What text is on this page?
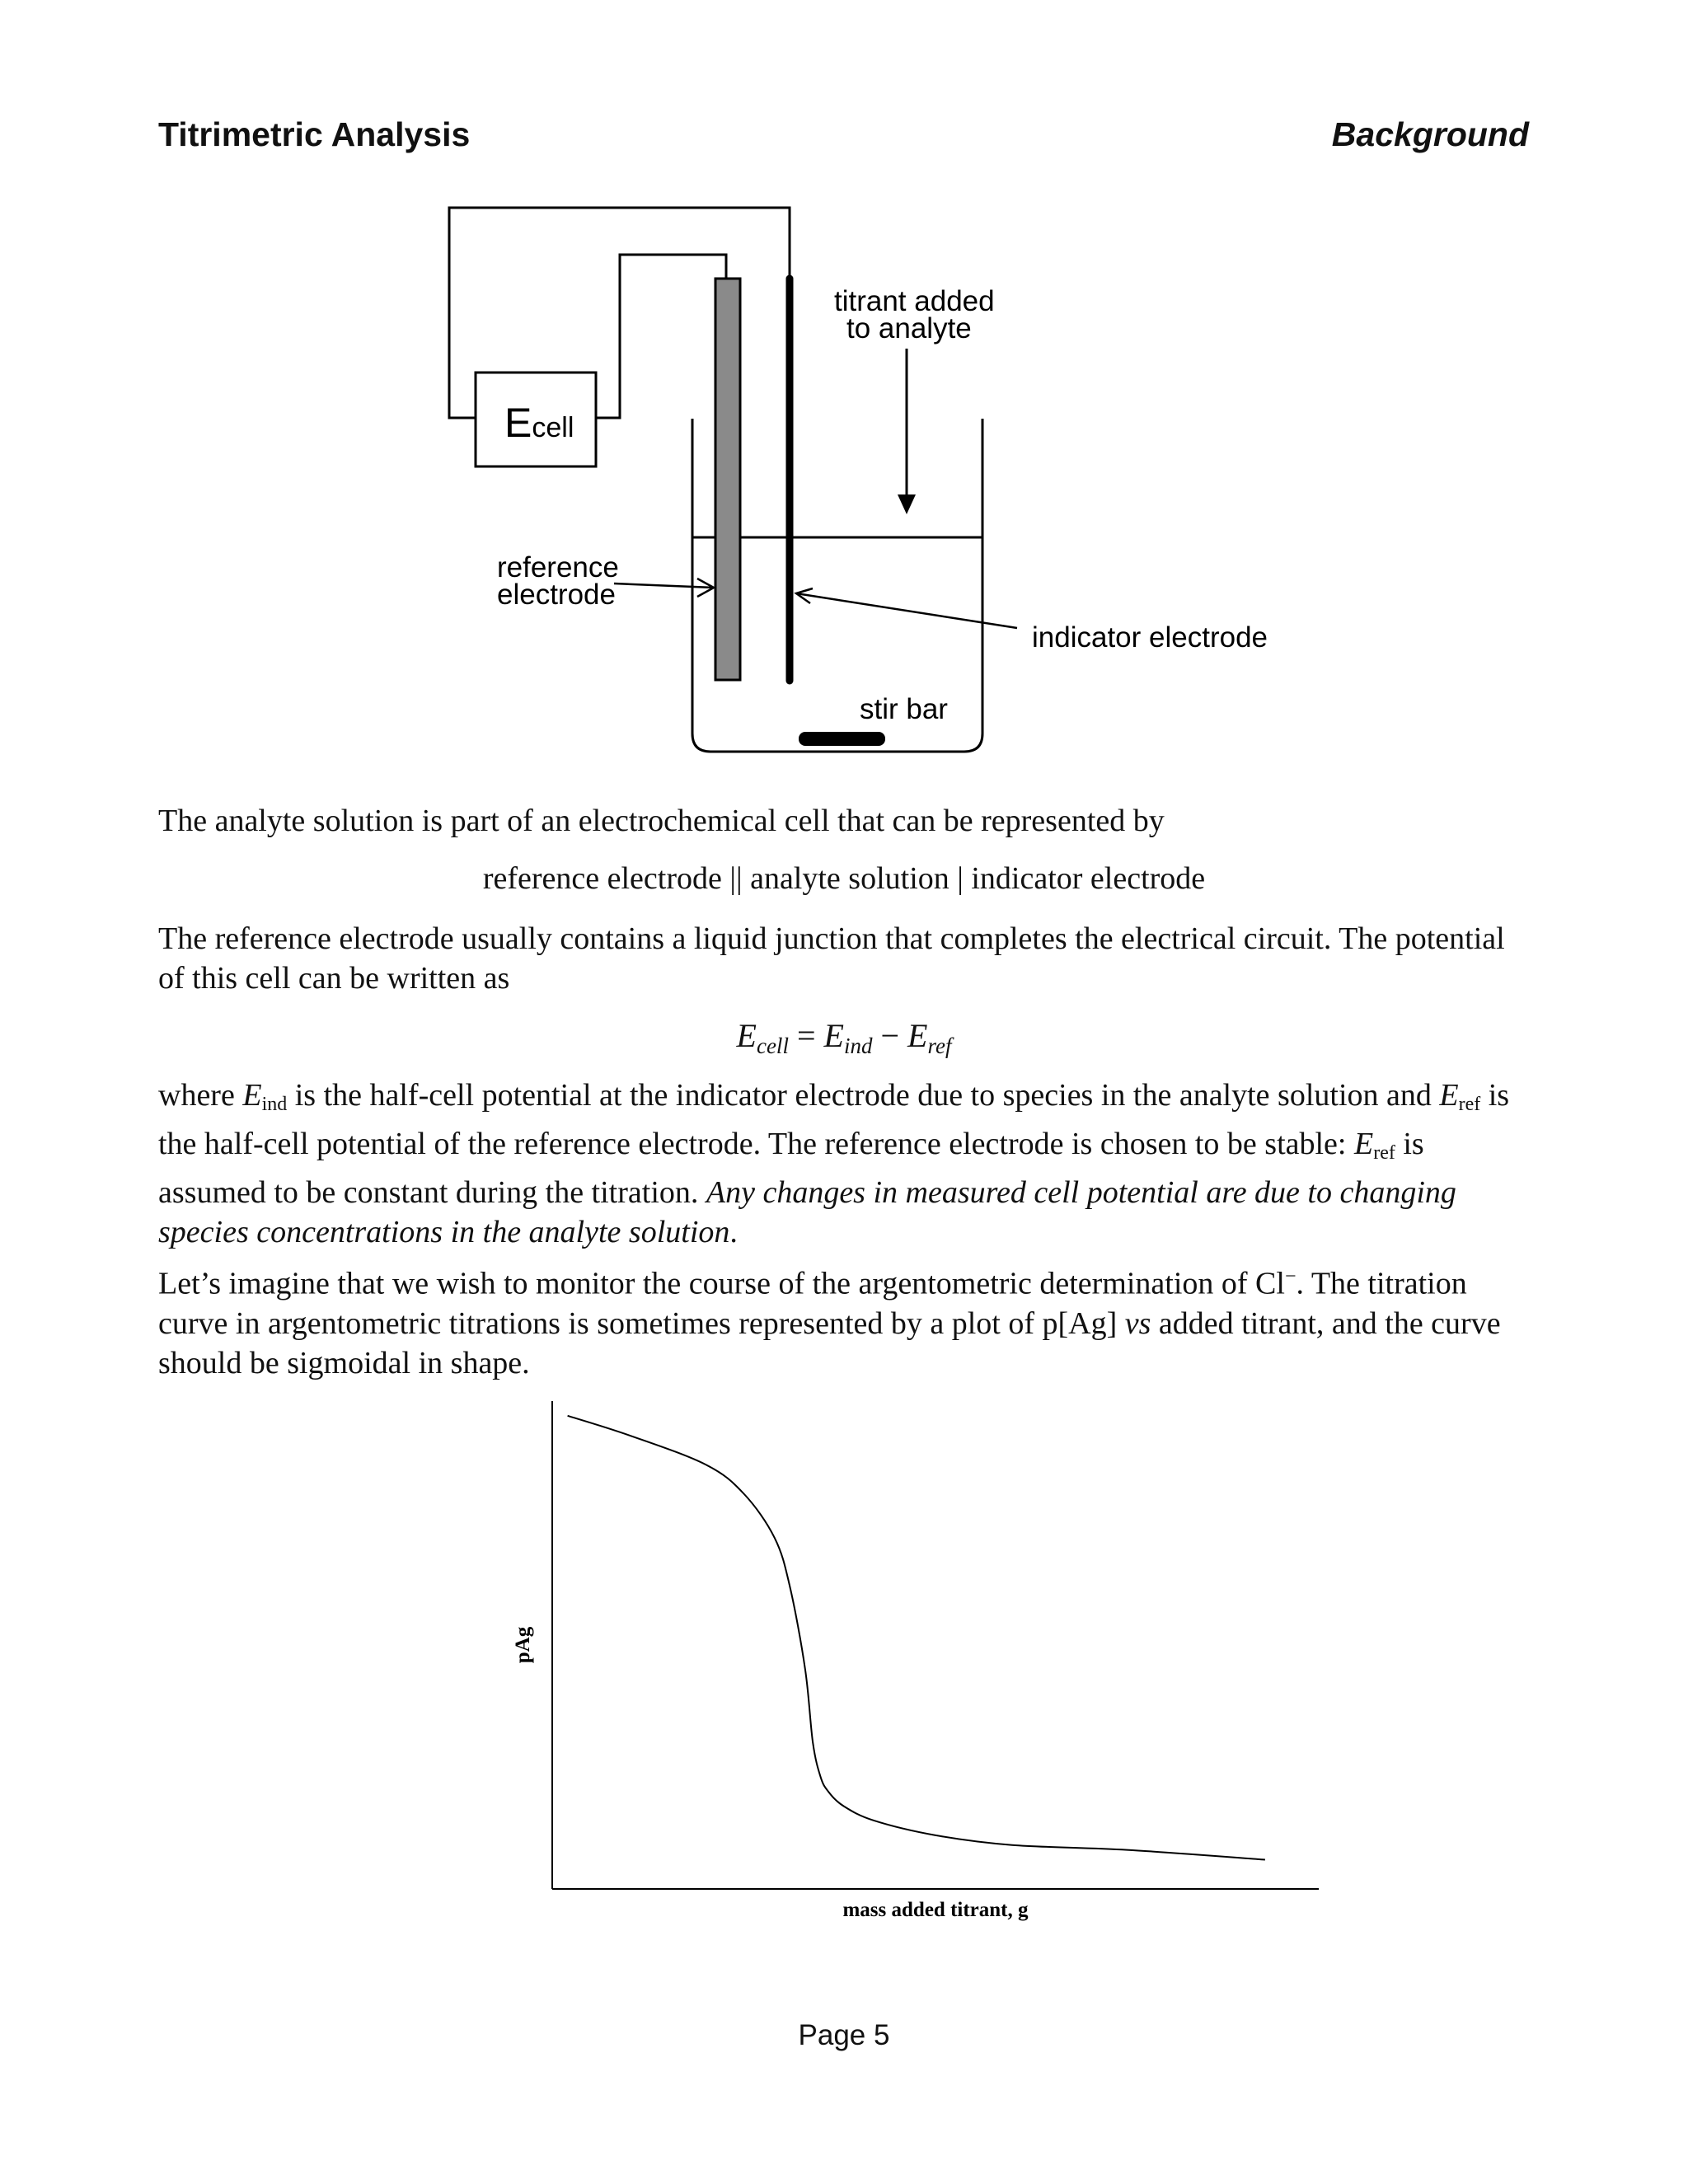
Titrimetric Analysis	Background
Ecell
stir bar
titrant added
to analyte
reference
electrode
indicator electrode

The analyte solution is part of an electrochemical cell that can be represented by

reference electrode || analyte solution | indicator electrode

The reference electrode usually contains a liquid junction that completes the electrical circuit. The potential of this cell can be written as

$E_{cell} = E_{ind} - E_{ref}$

where Eind is the half-cell potential at the indicator electrode due to species in the analyte solution and Eref is the half-cell potential of the reference electrode. The reference electrode is chosen to be stable: Eref is assumed to be constant during the titration. Any changes in measured cell potential are due to changing species concentrations in the analyte solution.

Let’s imagine that we wish to monitor the course of the argentometric determination of Cl−. The titration curve in argentometric titrations is sometimes represented by a plot of p[Ag] vs added titrant, and the curve should be sigmoidal in shape.

mass added titrant, g
pAg
Page 5
